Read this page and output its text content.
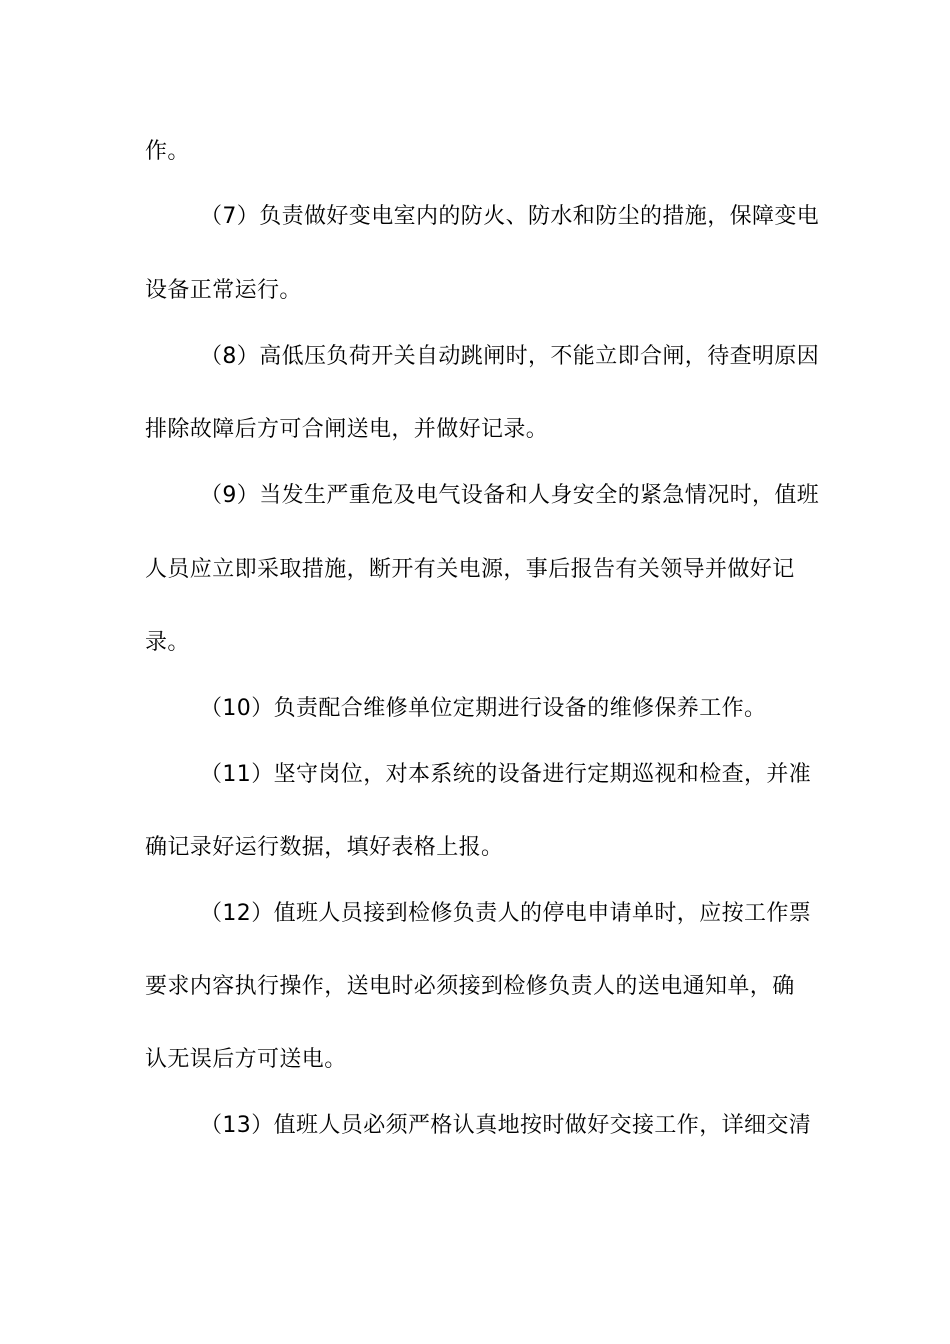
作。
（7）负责做好变电室内的防火、防水和防尘的措施，保障变电
设备正常运行。
（8）高低压负荷开关自动跳闸时，不能立即合闸，待查明原因
排除故障后方可合闸送电，并做好记录。
（9）当发生严重危及电气设备和人身安全的紧急情况时，值班
人员应立即采取措施，断开有关电源，事后报告有关领导并做好记
录。
（10）负责配合维修单位定期进行设备的维修保养工作。
（11）坚守岗位，对本系统的设备进行定期巡视和检查，并准
确记录好运行数据，填好表格上报。
（12）值班人员接到检修负责人的停电申请单时，应按工作票
要求内容执行操作，送电时必须接到检修负责人的送电通知单，确
认无误后方可送电。
（13）值班人员必须严格认真地按时做好交接工作，详细交清
